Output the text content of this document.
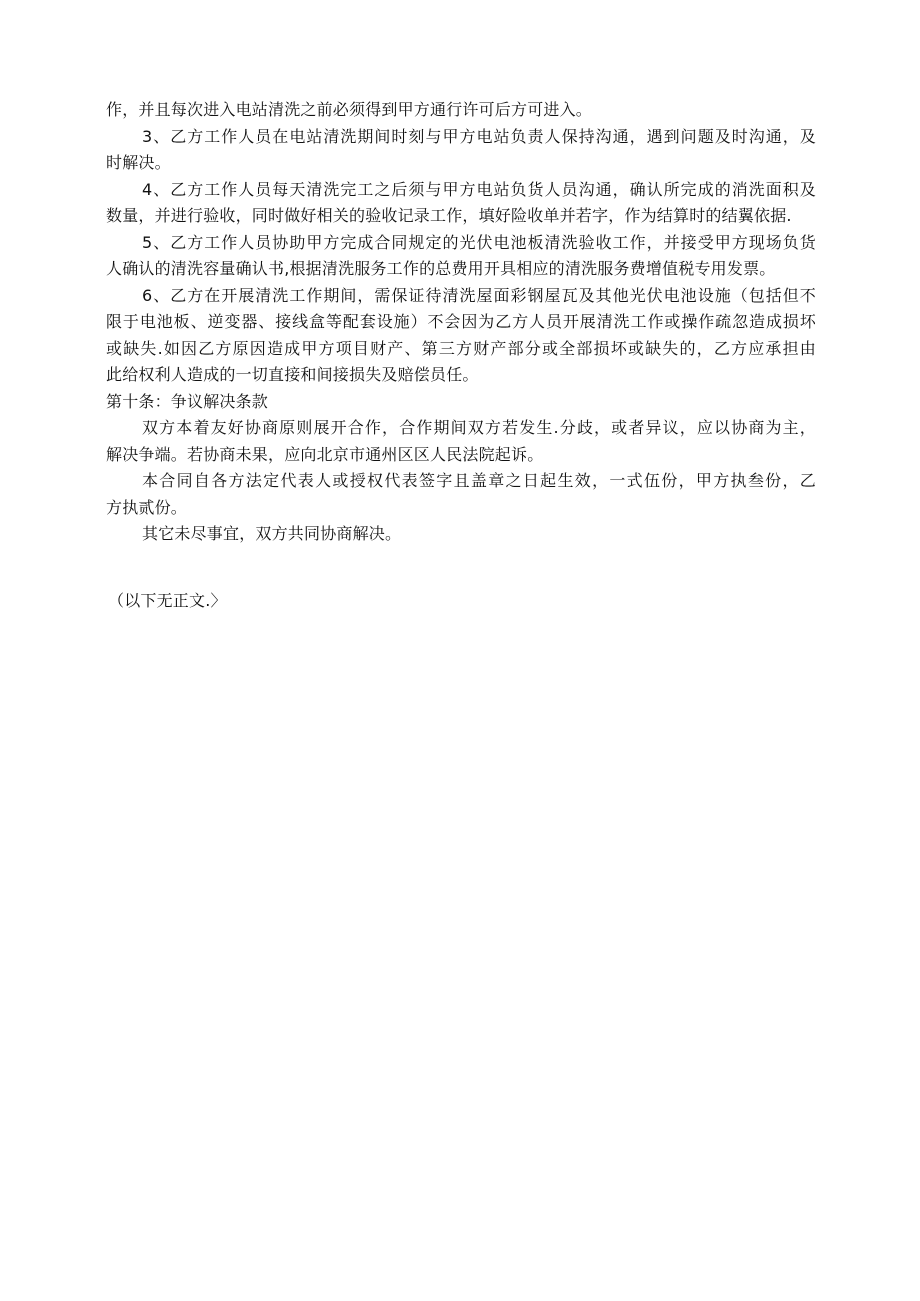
作，并且每次进入电站清洗之前必须得到甲方通行许可后方可进入。
3、乙方工作人员在电站清洗期间时刻与甲方电站负责人保持沟通，遇到问题及时沟通，及
时解决。
4、乙方工作人员每天清洗完工之后须与甲方电站负货人员沟通，确认所完成的消洗面积及
数量，并进行验收，同时做好相关的验收记录工作，填好险收单并若字，作为结算时的结翼依据.
5、乙方工作人员协助甲方完成合同规定的光伏电池板清洗验收工作，并接受甲方现场负货
人确认的清洗容量确认书,根据清洗服务工作的总费用开具相应的清洗服务费增值税专用发票。
6、乙方在开展清洗工作期间，需保证待清洗屋面彩钢屋瓦及其他光伏电池设施（包括但不
限于电池板、逆变器、接线盒等配套设施）不会因为乙方人员开展清洗工作或操作疏忽造成损坏
或缺失.如因乙方原因造成甲方项目财产、第三方财产部分或全部损坏或缺失的，乙方应承担由
此给权利人造成的一切直接和间接损失及赔偿员任。
第十条：争议解决条款
双方本着友好协商原则展开合作，合作期间双方若发生.分歧，或者异议，应以协商为主，
解决争端。若协商未果，应向北京市通州区区人民法院起诉。
本合同自各方法定代表人或授权代表签字且盖章之日起生效，一式伍份，甲方执叁份，乙
方执贰份。
其它未尽事宜，双方共同协商解决。
（以下无正文.〉
